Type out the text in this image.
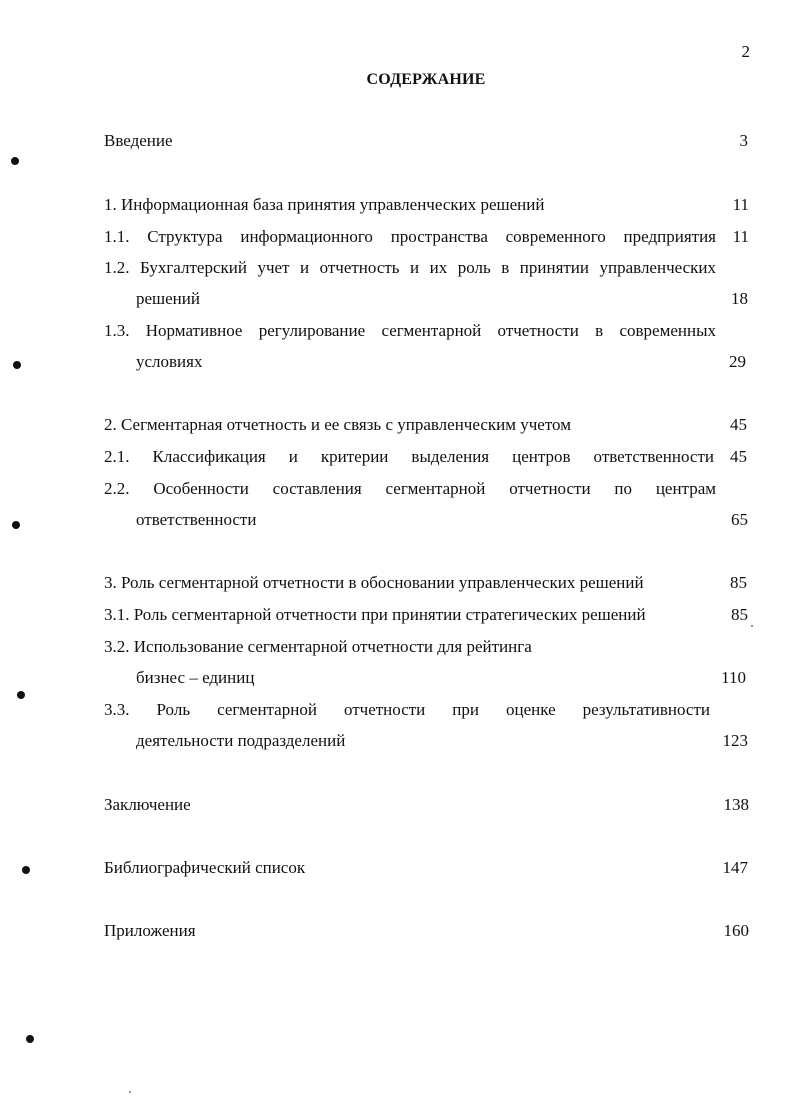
2
СОДЕРЖАНИЕ
Введение	3
1. Информационная база принятия управленческих решений	11
1.1. Структура информационного пространства современного предприятия 11
1.2. Бухгалтерский учет и отчетность и их роль в принятии управленческих
решений	18
1.3. Нормативное регулирование сегментарной отчетности в современных
условиях	29
2. Сегментарная отчетность и ее связь с управленческим учетом	45
2.1. Классификация и критерии выделения центров ответственности 45
2.2. Особенности составления сегментарной отчетности по центрам
ответственности	65
3. Роль сегментарной отчетности в обосновании управленческих решений	85
3.1. Роль сегментарной отчетности при принятии стратегических решений	85
3.2. Использование сегментарной отчетности для рейтинга
бизнес – единиц	110
3.3. Роль сегментарной отчетности при оценке результативности
деятельности подразделений	123
Заключение	138
Библиографический список	147
Приложения	160
